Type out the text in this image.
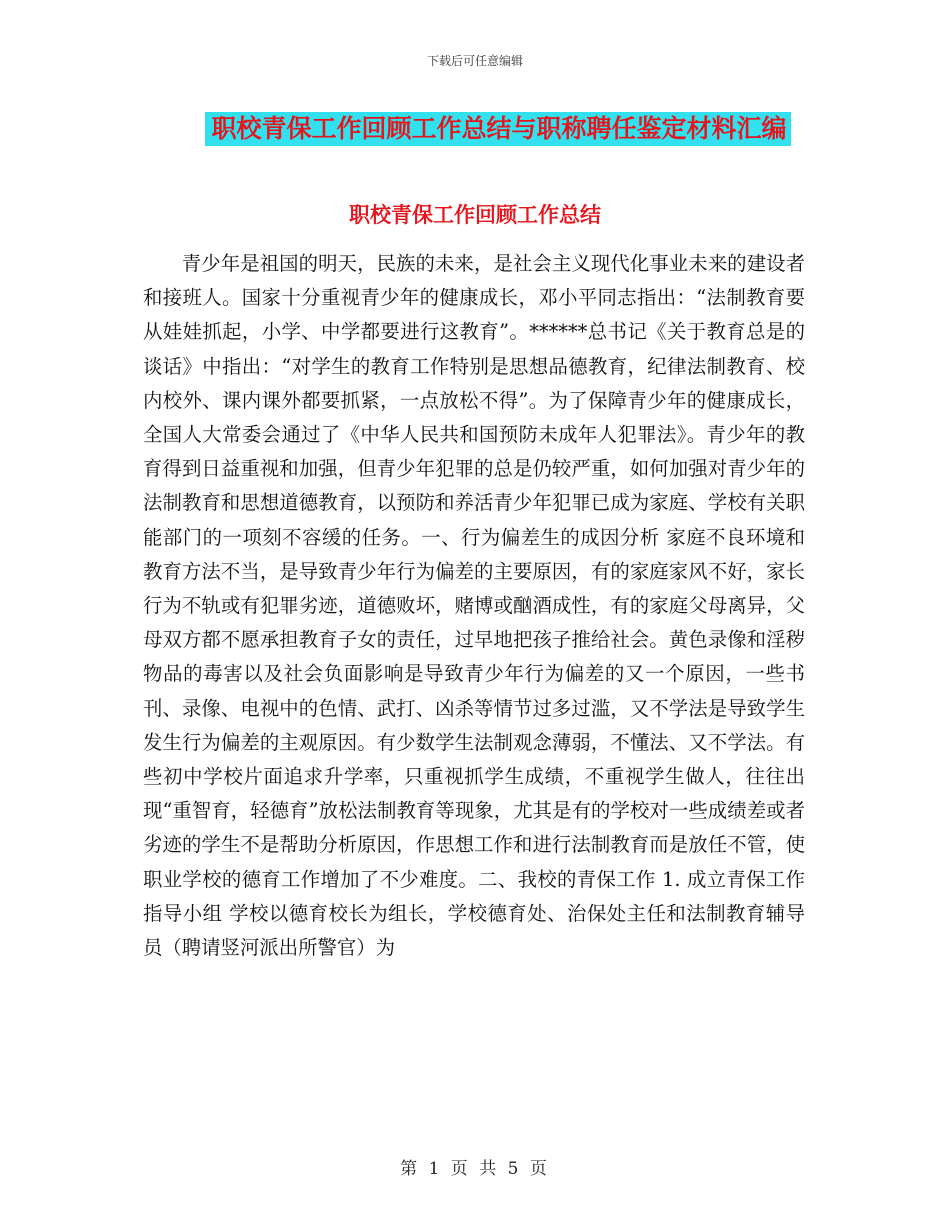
下载后可任意编辑
职校青保工作回顾工作总结与职称聘任鉴定材料汇编
职校青保工作回顾工作总结

青少年是祖国的明天，民族的未来，是社会主义现代化事业未来的建设者和接班人。国家十分重视青少年的健康成长，邓小平同志指出：“法制教育要从娃娃抓起，小学、中学都要进行这教育”。******总书记《关于教育总是的谈话》中指出：“对学生的教育工作特别是思想品德教育，纪律法制教育、校内校外、课内课外都要抓紧，一点放松不得”。为了保障青少年的健康成长，全国人大常委会通过了《中华人民共和国预防未成年人犯罪法》。青少年的教育得到日益重视和加强，但青少年犯罪的总是仍较严重，如何加强对青少年的法制教育和思想道德教育，以预防和养活青少年犯罪已成为家庭、学校有关职能部门的一项刻不容缓的任务。一、行为偏差生的成因分析 家庭不良环境和教育方法不当，是导致青少年行为偏差的主要原因，有的家庭家风不好，家长行为不轨或有犯罪劣迹，道德败坏，赌博或酗酒成性，有的家庭父母离异，父母双方都不愿承担教育子女的责任，过早地把孩子推给社会。黄色录像和淫秽物品的毒害以及社会负面影响是导致青少年行为偏差的又一个原因，一些书刊、录像、电视中的色情、武打、凶杀等情节过多过滥，又不学法是导致学生发生行为偏差的主观原因。有少数学生法制观念薄弱，不懂法、又不学法。有些初中学校片面追求升学率，只重视抓学生成绩，不重视学生做人，往往出现“重智育，轻德育”放松法制教育等现象，尤其是有的学校对一些成绩差或者劣迹的学生不是帮助分析原因，作思想工作和进行法制教育而是放任不管，使职业学校的德育工作增加了不少难度。二、我校的青保工作 1. 成立青保工作指导小组 学校以德育校长为组长，学校德育处、治保处主任和法制教育辅导员（聘请竖河派出所警官）为

第 1 页 共 5 页
